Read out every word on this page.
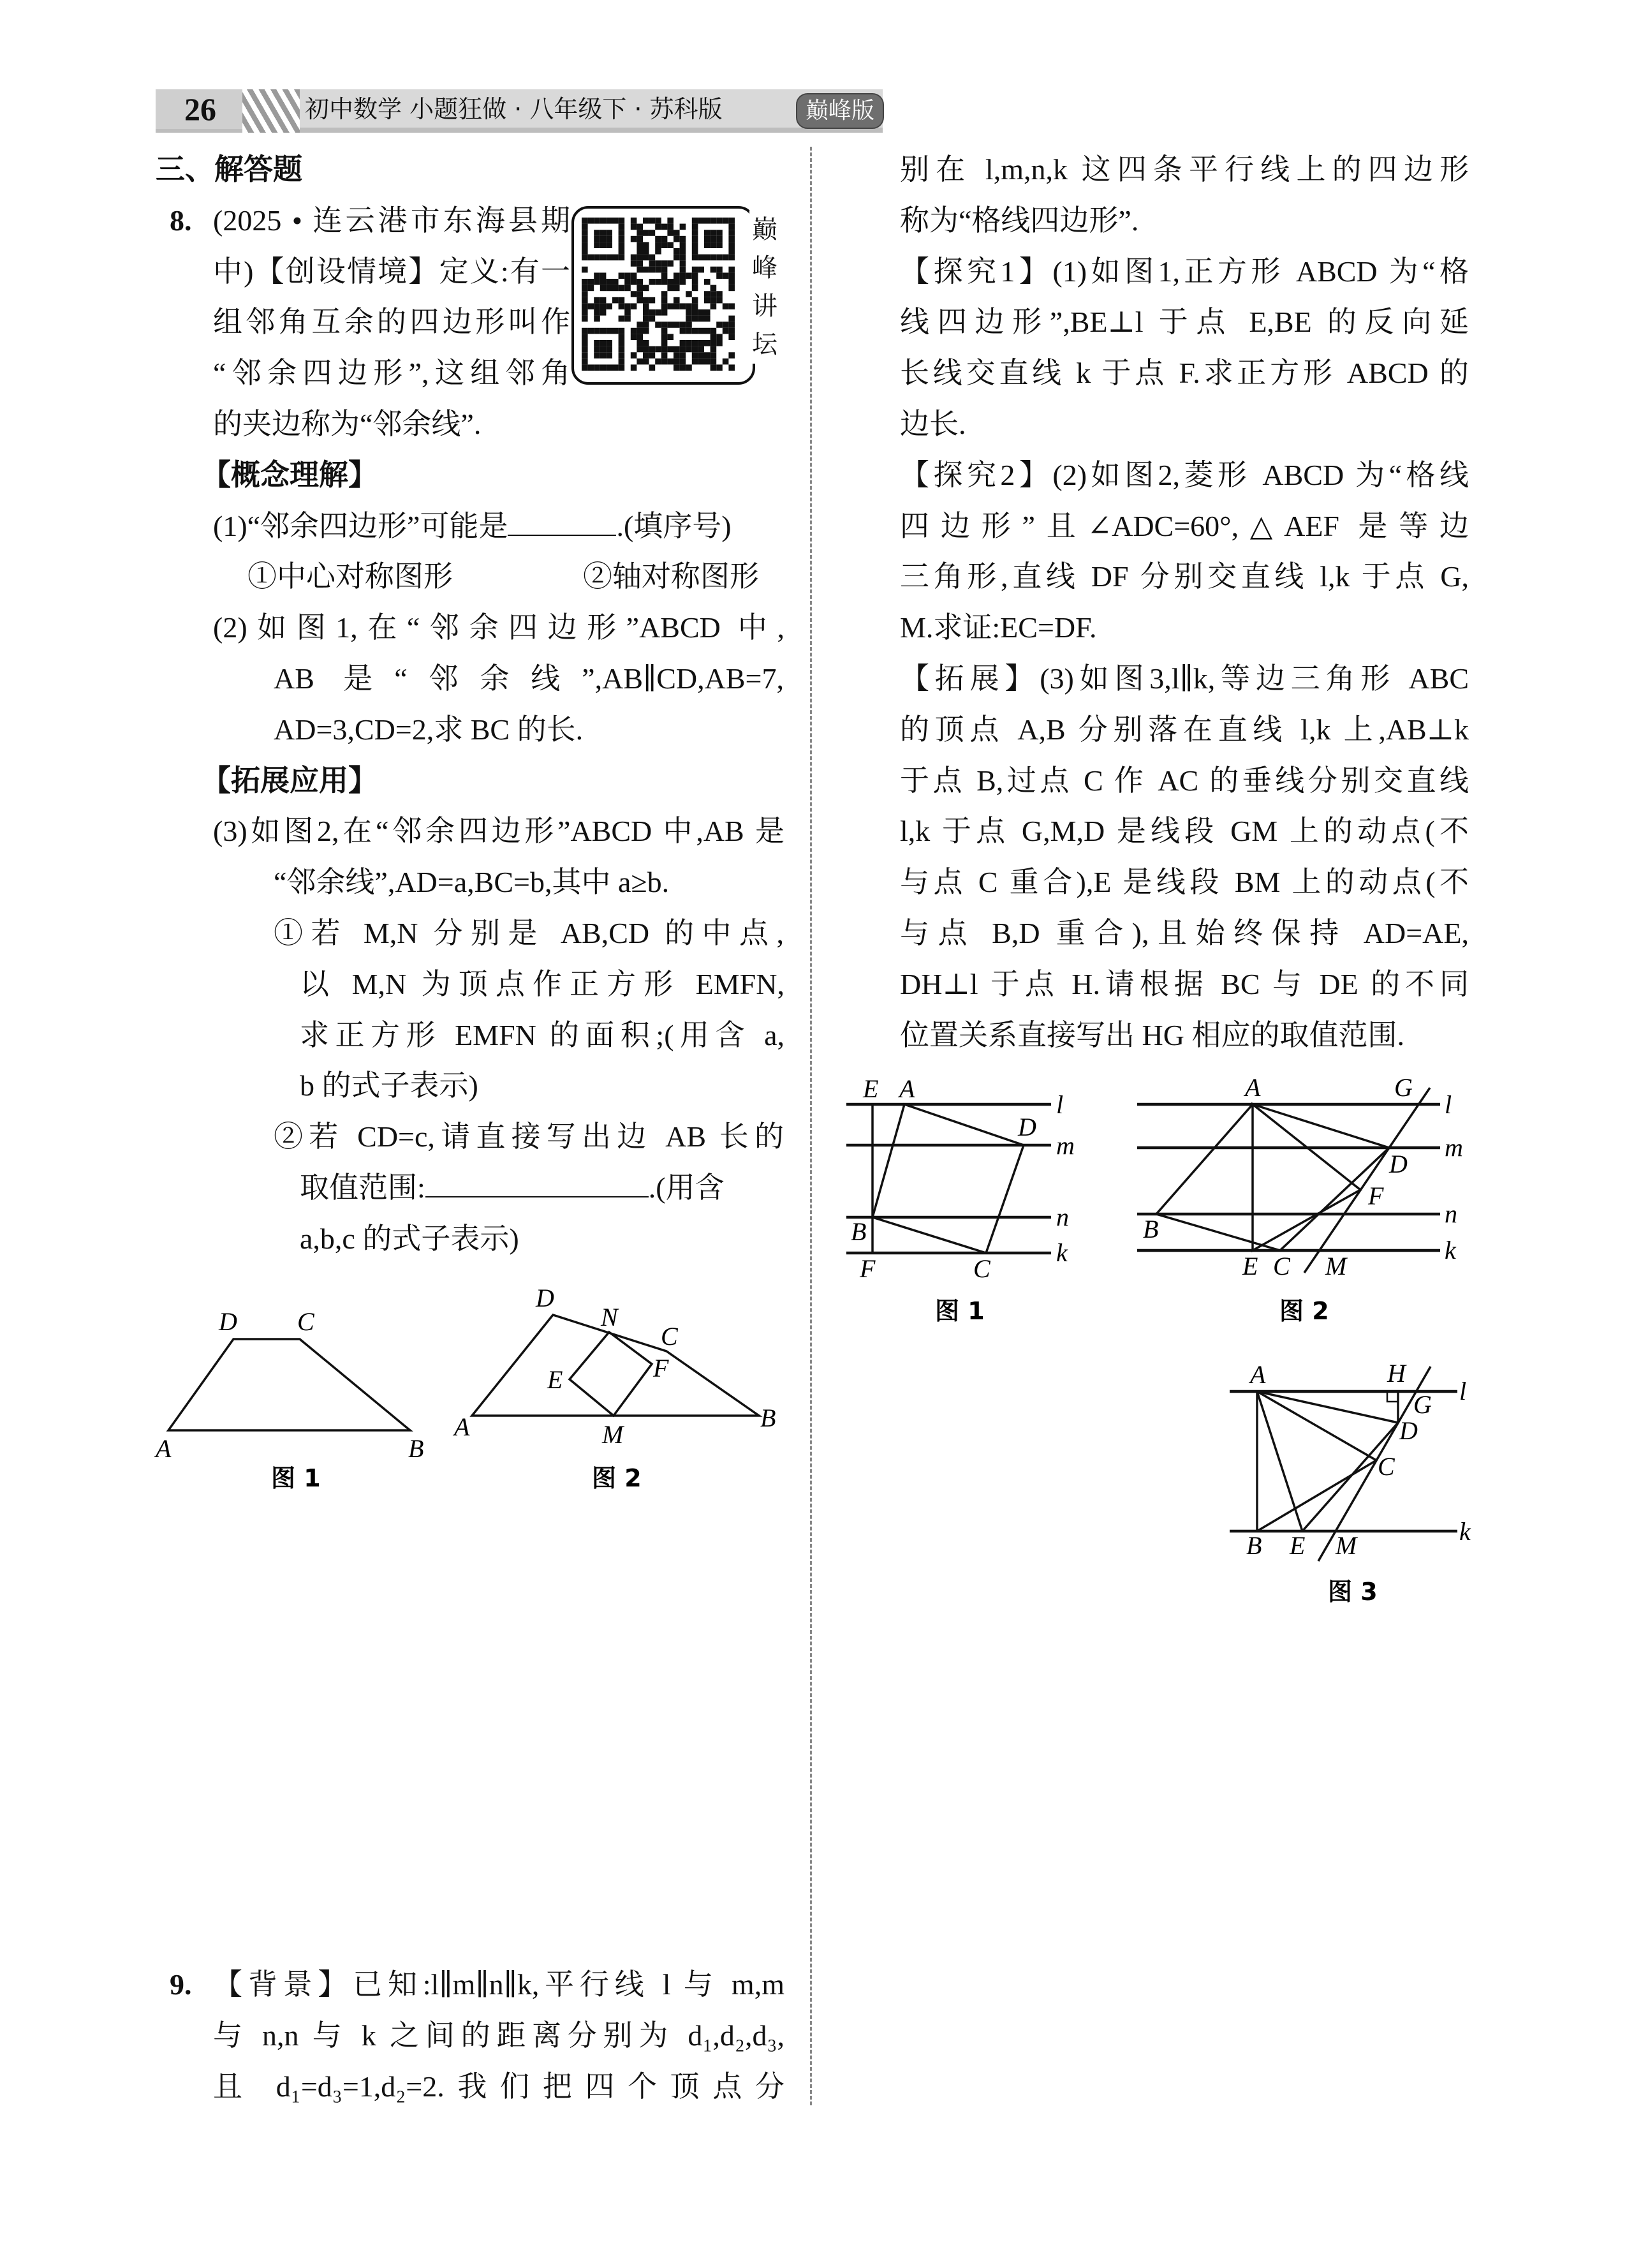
26	初中数学 小题狂做 · 八年级下 · 苏科版	巅峰版
巅峰讲坛
三、解答题
(2025 • 连云港市东海县期
中)【创设情境】定义:有一
组邻角互余的四边形叫作
“邻余四边形”,这组邻角
的夹边称为“邻余线”.
【概念理解】
(1)“邻余四边形”可能是	.(填序号)
①中心对称图形
(2)如图1,在“邻余四边形”ABCD 中,
AB 是“邻余线”,AB∥CD,AB=7,
AD=3,CD=2,求 BC 的长.
【拓展应用】
(3)如图2,在“邻余四边形”ABCD 中,AB 是
“邻余线”,AD=a,BC=b,其中 a≥b.
①若 M,N 分别是 AB,CD 的中点,
以 M,N 为顶点作正方形 EMFN,
求正方形 EMFN 的面积;(用含 a,
b 的式子表示)
②若 CD=c,请直接写出边 AB 长的
取值范围:	.(用含
a,b,c 的式子表示)
②轴对称图形
8.
9. 【背景】已知:l∥m∥n∥k,平行线 l 与 m,m
与 n,n 与 k 之间的距离分别为 d₁,d₂,d₃,
且 d₁=d₃=1,d₂=2.我们把四个顶点分
别在 l,m,n,k 这四条平行线上的四边形
称为“格线四边形”.
【探究1】(1)如图1,正方形 ABCD 为“格
线四边形”,BE⊥l 于点 E,BE 的反向延
长线交直线 k 于点 F.求正方形 ABCD 的
边长.
【探究2】(2)如图2,菱形 ABCD 为“格线
四边形”且∠ADC=60°,△AEF 是等边
三角形,直线 DF 分别交直线 l,k 于点 G,
M.求证:EC=DF.
【拓展】(3)如图3,l∥k,等边三角形 ABC
的顶点 A,B 分别落在直线 l,k 上,AB⊥k
于点 B,过点 C 作 AC 的垂线分别交直线
l,k 于点 G,M,D 是线段 GM 上的动点(不
与点 C 重合),E 是线段 BM 上的动点(不
与点 B,D 重合),且始终保持 AD=AE,
DH⊥l 于点 H.请根据 BC 与 DE 的不同
位置关系直接写出 HG 相应的取值范围.
D C
A	B
图 1
D
N
C
E	F
A	M
B
图 2
E A
D
B
F	C
l
m
n
k
图 1
A	G
l
m
D
F
n
B
k
E C M
图 2
A	H
G l
D
C
k
B E M
图 3
